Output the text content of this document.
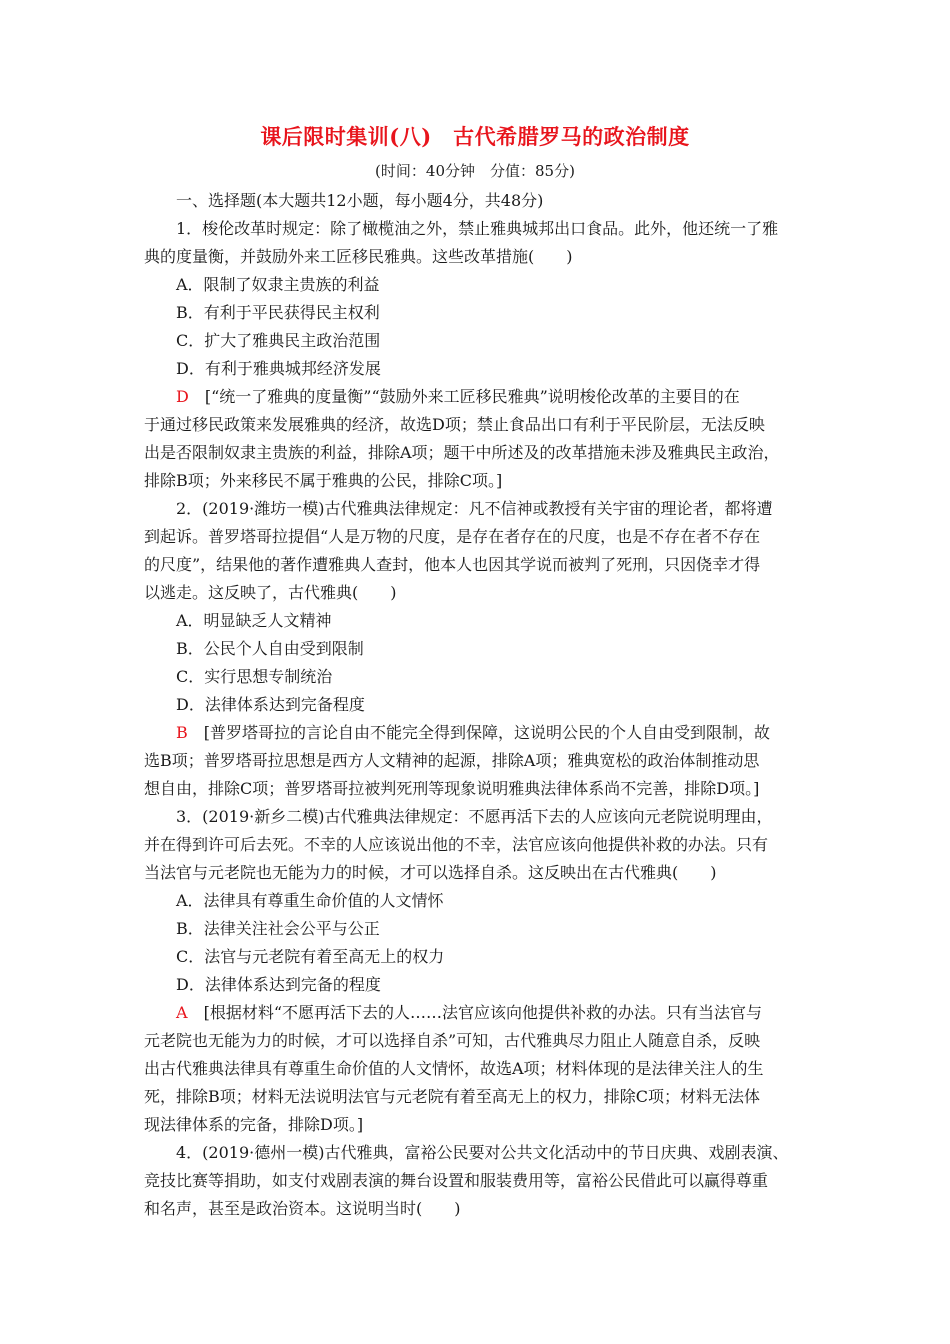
课后限时集训(八)　古代希腊罗马的政治制度
(时间：40分钟　分值：85分)
一、选择题(本大题共12小题，每小题4分，共48分)
1．梭伦改革时规定：除了橄榄油之外，禁止雅典城邦出口食品。此外，他还统一了雅
典的度量衡，并鼓励外来工匠移民雅典。这些改革措施(　　)
A．限制了奴隶主贵族的利益
B．有利于平民获得民主权利
C．扩大了雅典民主政治范围
D．有利于雅典城邦经济发展
D　 [“统一了雅典的度量衡”“鼓励外来工匠移民雅典”说明梭伦改革的主要目的在
于通过移民政策来发展雅典的经济，故选D项；禁止食品出口有利于平民阶层，无法反映
出是否限制奴隶主贵族的利益，排除A项；题干中所述及的改革措施未涉及雅典民主政治，
排除B项；外来移民不属于雅典的公民，排除C项。]
2．(2019·潍坊一模)古代雅典法律规定：凡不信神或教授有关宇宙的理论者，都将遭
到起诉。普罗塔哥拉提倡“人是万物的尺度，是存在者存在的尺度，也是不存在者不存在
的尺度”，结果他的著作遭雅典人查封，他本人也因其学说而被判了死刑，只因侥幸才得
以逃走。这反映了，古代雅典(　　)
A．明显缺乏人文精神
B．公民个人自由受到限制
C．实行思想专制统治
D．法律体系达到完备程度
B　 [普罗塔哥拉的言论自由不能完全得到保障，这说明公民的个人自由受到限制，故
选B项；普罗塔哥拉思想是西方人文精神的起源，排除A项；雅典宽松的政治体制推动思
想自由，排除C项；普罗塔哥拉被判死刑等现象说明雅典法律体系尚不完善，排除D项。]
3．(2019·新乡二模)古代雅典法律规定：不愿再活下去的人应该向元老院说明理由，
并在得到许可后去死。不幸的人应该说出他的不幸，法官应该向他提供补救的办法。只有
当法官与元老院也无能为力的时候，才可以选择自杀。这反映出在古代雅典(　　)
A．法律具有尊重生命价值的人文情怀
B．法律关注社会公平与公正
C．法官与元老院有着至高无上的权力
D．法律体系达到完备的程度
A　 [根据材料“不愿再活下去的人……法官应该向他提供补救的办法。只有当法官与
元老院也无能为力的时候，才可以选择自杀”可知，古代雅典尽力阻止人随意自杀，反映
出古代雅典法律具有尊重生命价值的人文情怀，故选A项；材料体现的是法律关注人的生
死，排除B项；材料无法说明法官与元老院有着至高无上的权力，排除C项；材料无法体
现法律体系的完备，排除D项。]
4．(2019·德州一模)古代雅典，富裕公民要对公共文化活动中的节日庆典、戏剧表演、
竞技比赛等捐助，如支付戏剧表演的舞台设置和服装费用等，富裕公民借此可以赢得尊重
和名声，甚至是政治资本。这说明当时(　　)
